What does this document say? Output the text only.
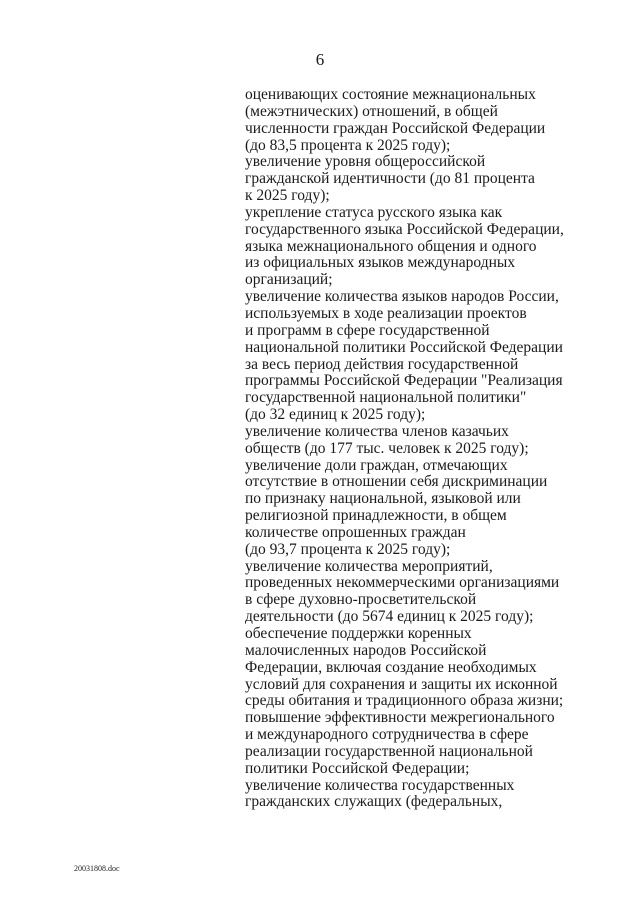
6
оценивающих состояние межнациональных
(межэтнических) отношений, в общей
численности граждан Российской Федерации
(до 83,5 процента к 2025 году);
увеличение уровня общероссийской
гражданской идентичности (до 81 процента
к 2025 году);
укрепление статуса русского языка как
государственного языка Российской Федерации,
языка межнационального общения и одного
из официальных языков международных
организаций;
увеличение количества языков народов России,
используемых в ходе реализации проектов
и программ в сфере государственной
национальной политики Российской Федерации
за весь период действия государственной
программы Российской Федерации "Реализация
государственной национальной политики"
(до 32 единиц к 2025 году);
увеличение количества членов казачьих
обществ (до 177 тыс. человек к 2025 году);
увеличение доли граждан, отмечающих
отсутствие в отношении себя дискриминации
по признаку национальной, языковой или
религиозной принадлежности, в общем
количестве опрошенных граждан
(до 93,7 процента к 2025 году);
увеличение количества мероприятий,
проведенных некоммерческими организациями
в сфере духовно-просветительской
деятельности (до 5674 единиц к 2025 году);
обеспечение поддержки коренных
малочисленных народов Российской
Федерации, включая создание необходимых
условий для сохранения и защиты их исконной
среды обитания и традиционного образа жизни;
повышение эффективности межрегионального
и международного сотрудничества в сфере
реализации государственной национальной
политики Российской Федерации;
увеличение количества государственных
гражданских служащих (федеральных,
20031808.doc
